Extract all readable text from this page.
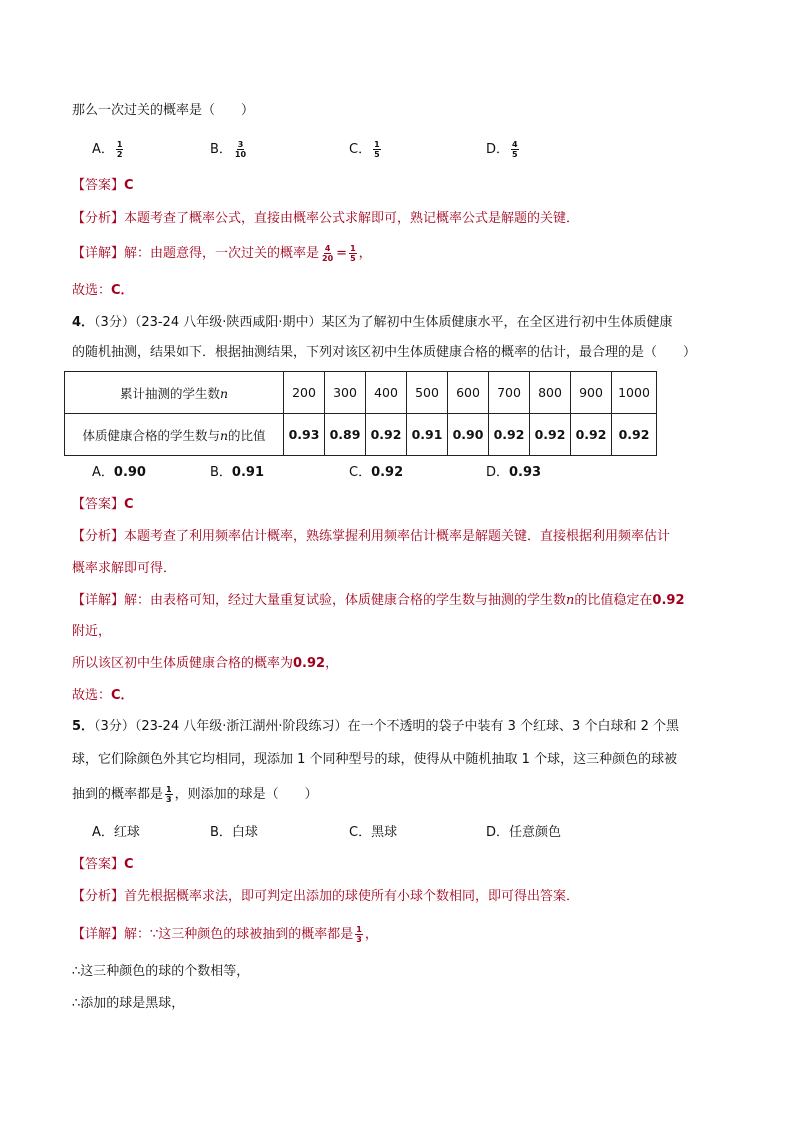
那么一次过关的概率是（　　）
A． $\frac{1}{2}$	B． $\frac{3}{10}$	C． $\frac{1}{5}$	D． $\frac{4}{5}$
【答案】C
【分析】本题考查了概率公式，直接由概率公式求解即可，熟记概率公式是解题的关键．
【详解】解：由题意得，一次过关的概率是 $\frac{4}{20} = \frac{1}{5}$ ，
故选：C．
4．（3分）（23-24 八年级·陕西咸阳·期中）某区为了解初中生体质健康水平，在全区进行初中生体质健康
的随机抽测，结果如下．根据抽测结果，下列对该区初中生体质健康合格的概率的估计，最合理的是（　　）
累计抽测的学生数n	200	300	400	500	600	700	800	900	1000
体质健康合格的学生数与n的比值	0.93	0.89	0.92	0.91	0.90	0.92	0.92	0.92	0.92
A．0.90	B．0.91	C．0.92	D．0.93
【答案】C
【分析】本题考查了利用频率估计概率，熟练掌握利用频率估计概率是解题关键．直接根据利用频率估计
概率求解即可得．
【详解】解：由表格可知，经过大量重复试验，体质健康合格的学生数与抽测的学生数n的比值稳定在0.92
附近，
所以该区初中生体质健康合格的概率为0.92，
故选：C．
5．（3分）（23-24 八年级·浙江湖州·阶段练习）在一个不透明的袋子中装有 3 个红球、3 个白球和 2 个黑
球，它们除颜色外其它均相同，现添加 1 个同种型号的球，使得从中随机抽取 1 个球，这三种颜色的球被
抽到的概率都是 $\frac{1}{3}$ ，则添加的球是（　　）
A．红球	B．白球	C．黑球	D．任意颜色
【答案】C
【分析】首先根据概率求法，即可判定出添加的球使所有小球个数相同，即可得出答案．
【详解】解：∵这三种颜色的球被抽到的概率都是 $\frac{1}{3}$ ，
∴这三种颜色的球的个数相等，
∴添加的球是黑球，
